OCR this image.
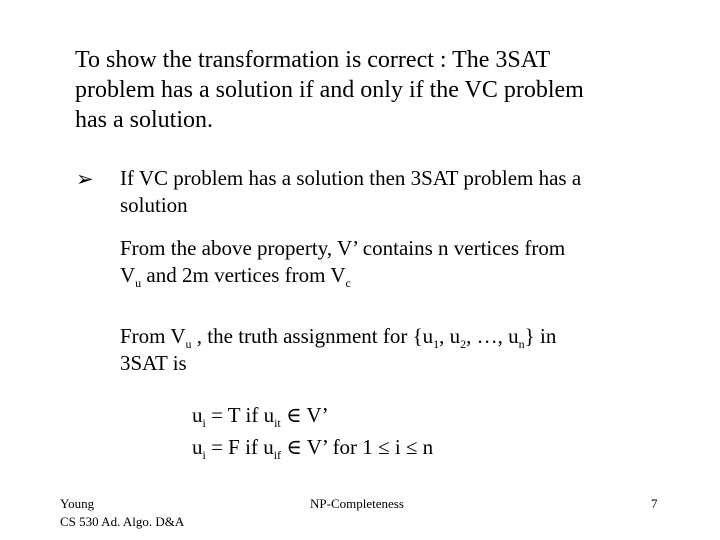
To show the transformation is correct : The 3SAT
problem has a solution if and only if the VC problem
has a solution.
➢ If VC problem has a solution then 3SAT problem has a
solution
From the above property, V’ contains n vertices from
$V_u$ and 2m vertices from $V_c$
From $V_u$ , the truth assignment for {$u_1$, $u_2$, …, $u_n$} in
3SAT is
$u_i = T$ if $u_{it}$ ∈ V’
$u_i = F$ if $u_{if}$ ∈ V’ for 1 ≤ i ≤ n
Young
CS 530 Ad. Algo. D&A
NP-Completeness	7
